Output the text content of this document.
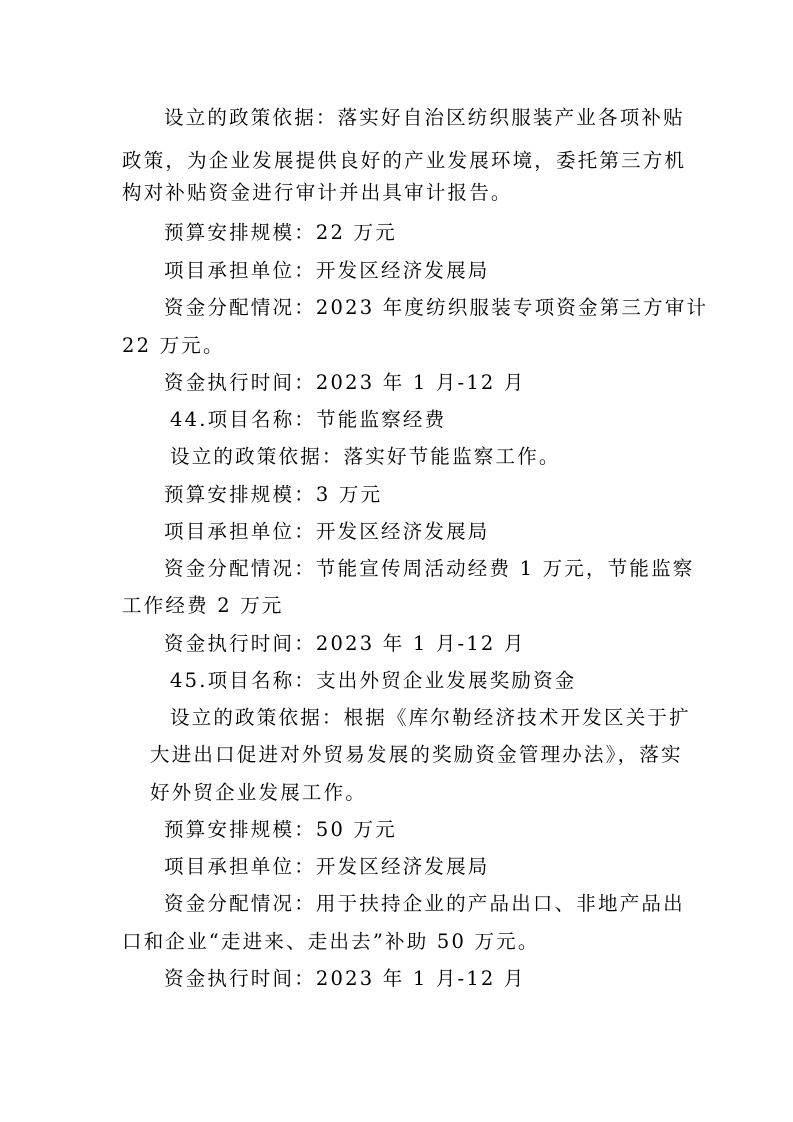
设立的政策依据：落实好自治区纺织服装产业各项补贴
政策，为企业发展提供良好的产业发展环境，委托第三方机
构对补贴资金进行审计并出具审计报告。
预算安排规模：22 万元
项目承担单位：开发区经济发展局
资金分配情况：2023 年度纺织服装专项资金第三方审计
22 万元。
资金执行时间：2023 年 1 月-12 月
44.项目名称：节能监察经费
设立的政策依据：落实好节能监察工作。
预算安排规模：3 万元
项目承担单位：开发区经济发展局
资金分配情况：节能宣传周活动经费 1 万元，节能监察
工作经费 2 万元
资金执行时间：2023 年 1 月-12 月
45.项目名称：支出外贸企业发展奖励资金
设立的政策依据：根据《库尔勒经济技术开发区关于扩
大进出口促进对外贸易发展的奖励资金管理办法》，落实
好外贸企业发展工作。
预算安排规模：50 万元
项目承担单位：开发区经济发展局
资金分配情况：用于扶持企业的产品出口、非地产品出
口和企业“走进来、走出去”补助 50 万元。
资金执行时间：2023 年 1 月-12 月
